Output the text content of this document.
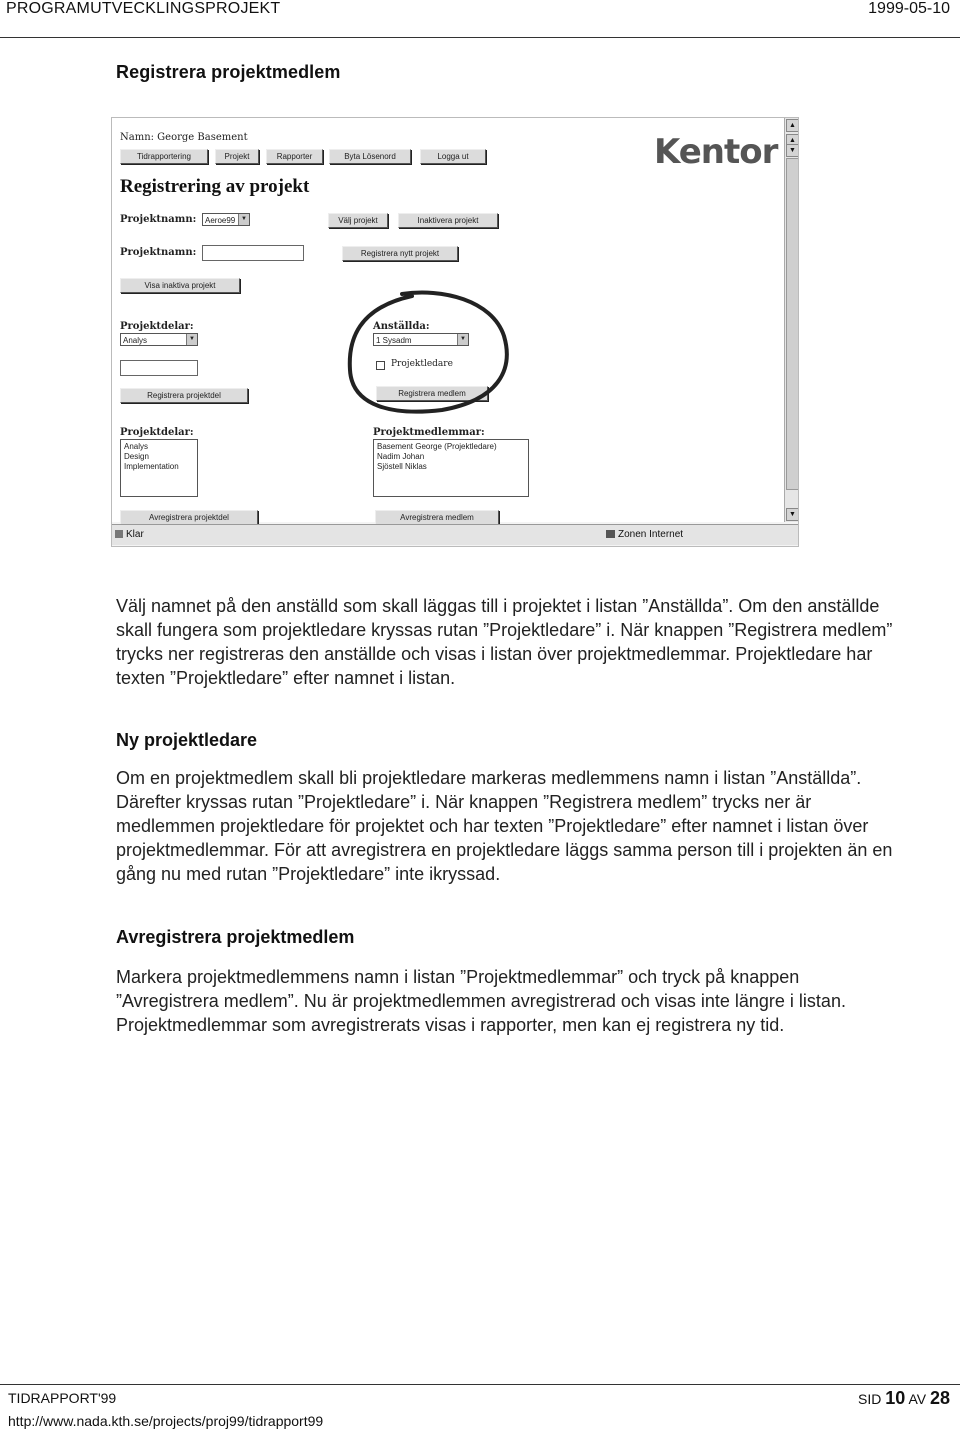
PROGRAMUTVECKLINGSPROJEKT	1999-05-10
Registrera projektmedlem
Namn: George Basement
Tidrapportering	Projekt	Rapporter	Byta Lösenord	Logga ut	Kentor
Registrering av projekt
Projektnamn:	Aeroe99 ▼	Välj projekt	Inaktivera projekt
Projektnamn:	Registrera nytt projekt
Visa inaktiva projekt
Projektdelar:
Analys	▼
Registrera projektdel
Anställda:
1 Sysadm	▼
Projektledare
Registrera medlem
Projektdelar:
Analys
Design
Implementation
Projektmedlemmar:
Basement George (Projektledare)
Nadim Johan
Sjöstell Niklas
Avregistrera projektdel	Avregistrera medlem
▲
▲
▼
▼
Klar	Zonen Internet
Välj namnet på den anställd som skall läggas till i projektet i listan ”Anställda”. Om den anställde
skall fungera som projektledare kryssas rutan ”Projektledare” i. När knappen ”Registrera medlem”
trycks ner registreras den anställde och visas i listan över projektmedlemmar. Projektledare har
texten ”Projektledare” efter namnet i listan.
Ny projektledare
Om en projektmedlem skall bli projektledare markeras medlemmens namn i listan ”Anställda”.
Därefter kryssas rutan ”Projektledare” i. När knappen ”Registrera medlem” trycks ner är
medlemmen projektledare för projektet och har texten ”Projektledare” efter namnet i listan över
projektmedlemmar. För att avregistrera en projektledare läggs samma person till i projekten än en
gång nu med rutan ”Projektledare” inte ikryssad.
Avregistrera projektmedlem
Markera projektmedlemmens namn i listan ”Projektmedlemmar” och tryck på knappen
”Avregistrera medlem”. Nu är projektmedlemmen avregistrerad och visas inte längre i listan.
Projektmedlemmar som avregistrerats visas i rapporter, men kan ej registrera ny tid.
TIDRAPPORT'99
http://www.nada.kth.se/projects/proj99/tidrapport99
SID 10 AV 28
